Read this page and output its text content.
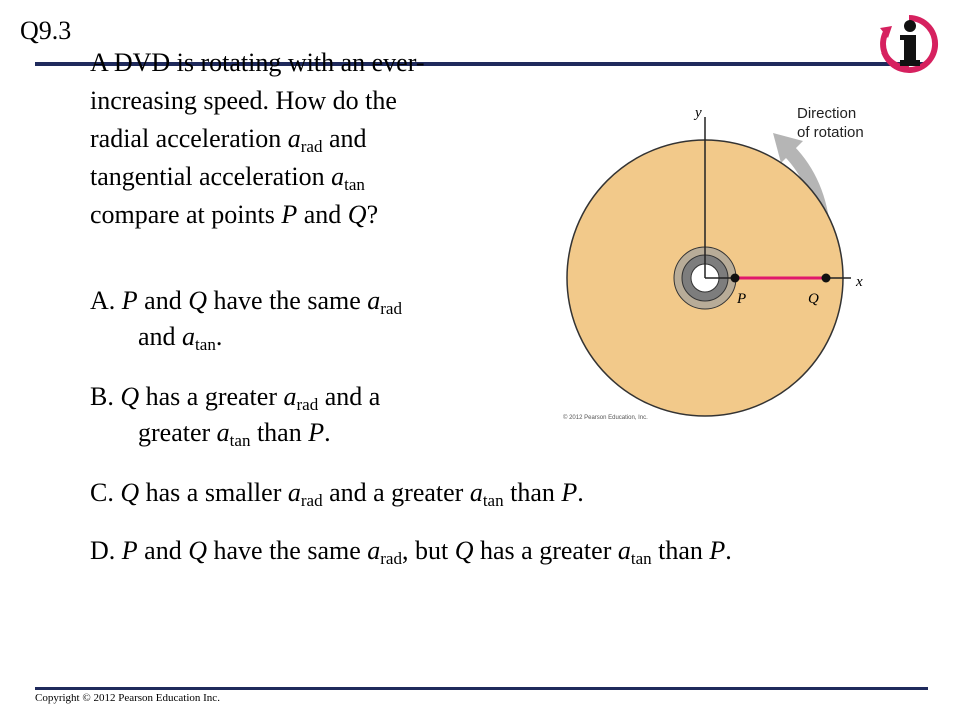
Q9.3
A DVD is rotating with an ever-
increasing speed. How do the
radial acceleration $a_{rad}$ and
tangential acceleration $a_{tan}$
compare at points P and Q?
A. P and Q have the same $a_{rad}$
and $a_{tan}$.
B. Q has a greater $a_{rad}$ and a
greater $a_{tan}$ than P.
C. Q has a smaller $a_{rad}$ and a greater $a_{tan}$ than P.
D. P and Q have the same $a_{rad}$, but Q has a greater $a_{tan}$ than P.
y
x
P	Q
Direction
of rotation
© 2012 Pearson Education, Inc.
Copyright © 2012 Pearson Education Inc.
